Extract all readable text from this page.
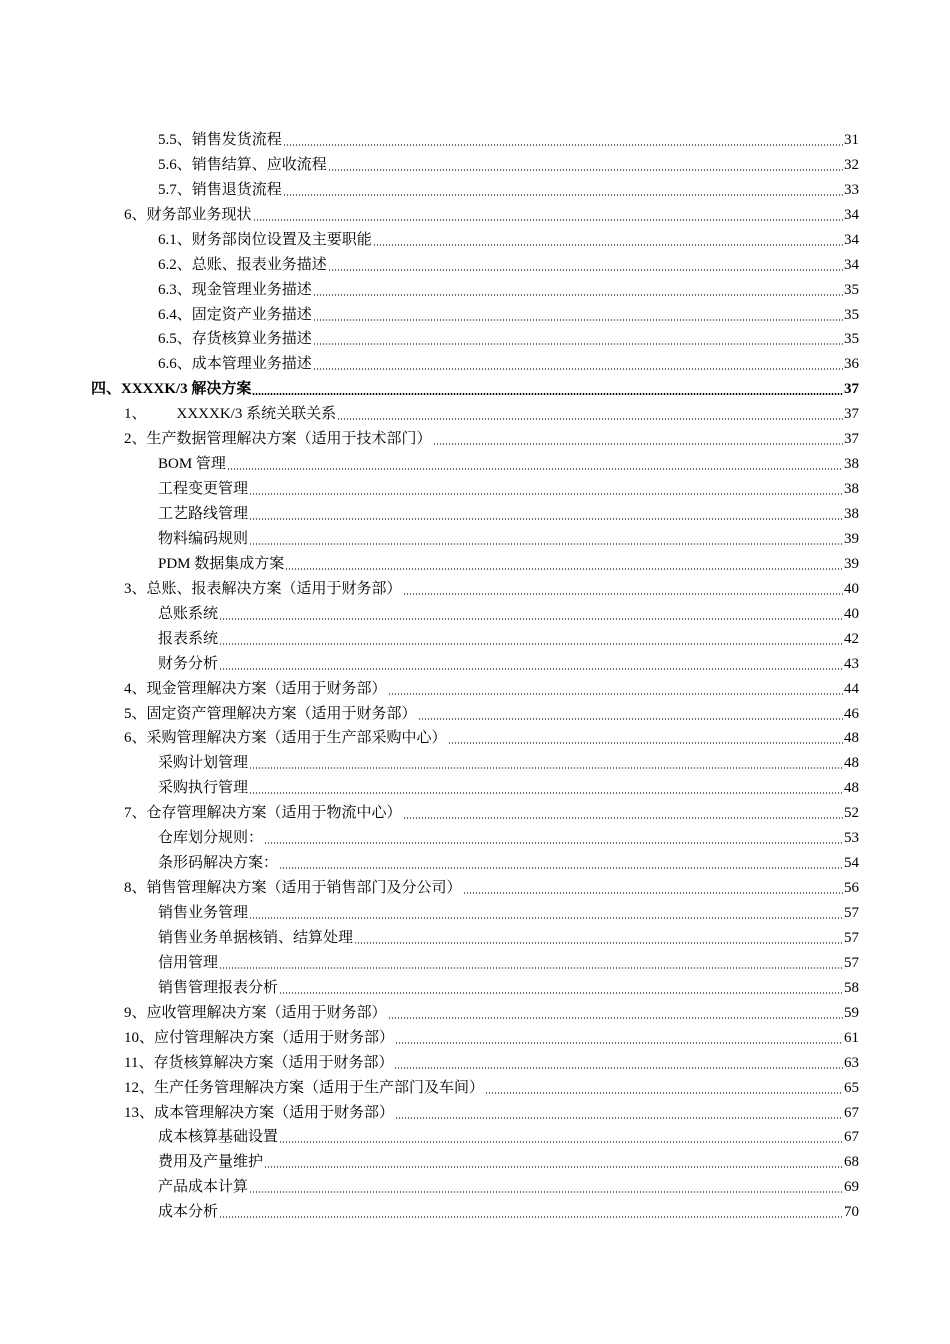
5.5、销售发货流程	31
5.6、销售结算、应收流程	32
5.7、销售退货流程	33
6、财务部业务现状	34
6.1、财务部岗位设置及主要职能	34
6.2、总账、报表业务描述	34
6.3、现金管理业务描述	35
6.4、固定资产业务描述	35
6.5、存货核算业务描述	35
6.6、成本管理业务描述	36
四、XXXXK/3 解决方案	37
1、        XXXXK/3 系统关联关系	37
2、生产数据管理解决方案（适用于技术部门）	37
BOM 管理	38
工程变更管理	38
工艺路线管理	38
物料编码规则	39
PDM 数据集成方案	39
3、总账、报表解决方案（适用于财务部）	40
总账系统	40
报表系统	42
财务分析	43
4、现金管理解决方案（适用于财务部）	44
5、固定资产管理解决方案（适用于财务部）	46
6、采购管理解决方案（适用于生产部采购中心）	48
采购计划管理	48
采购执行管理	48
7、仓存管理解决方案（适用于物流中心）	52
仓库划分规则：	53
条形码解决方案：	54
8、销售管理解决方案（适用于销售部门及分公司）	56
销售业务管理	57
销售业务单据核销、结算处理	57
信用管理	57
销售管理报表分析	58
9、应收管理解决方案（适用于财务部）	59
10、应付管理解决方案（适用于财务部）	61
11、存货核算解决方案（适用于财务部）	63
12、生产任务管理解决方案（适用于生产部门及车间）	65
13、成本管理解决方案（适用于财务部）	67
成本核算基础设置	67
费用及产量维护	68
产品成本计算	69
成本分析	70
